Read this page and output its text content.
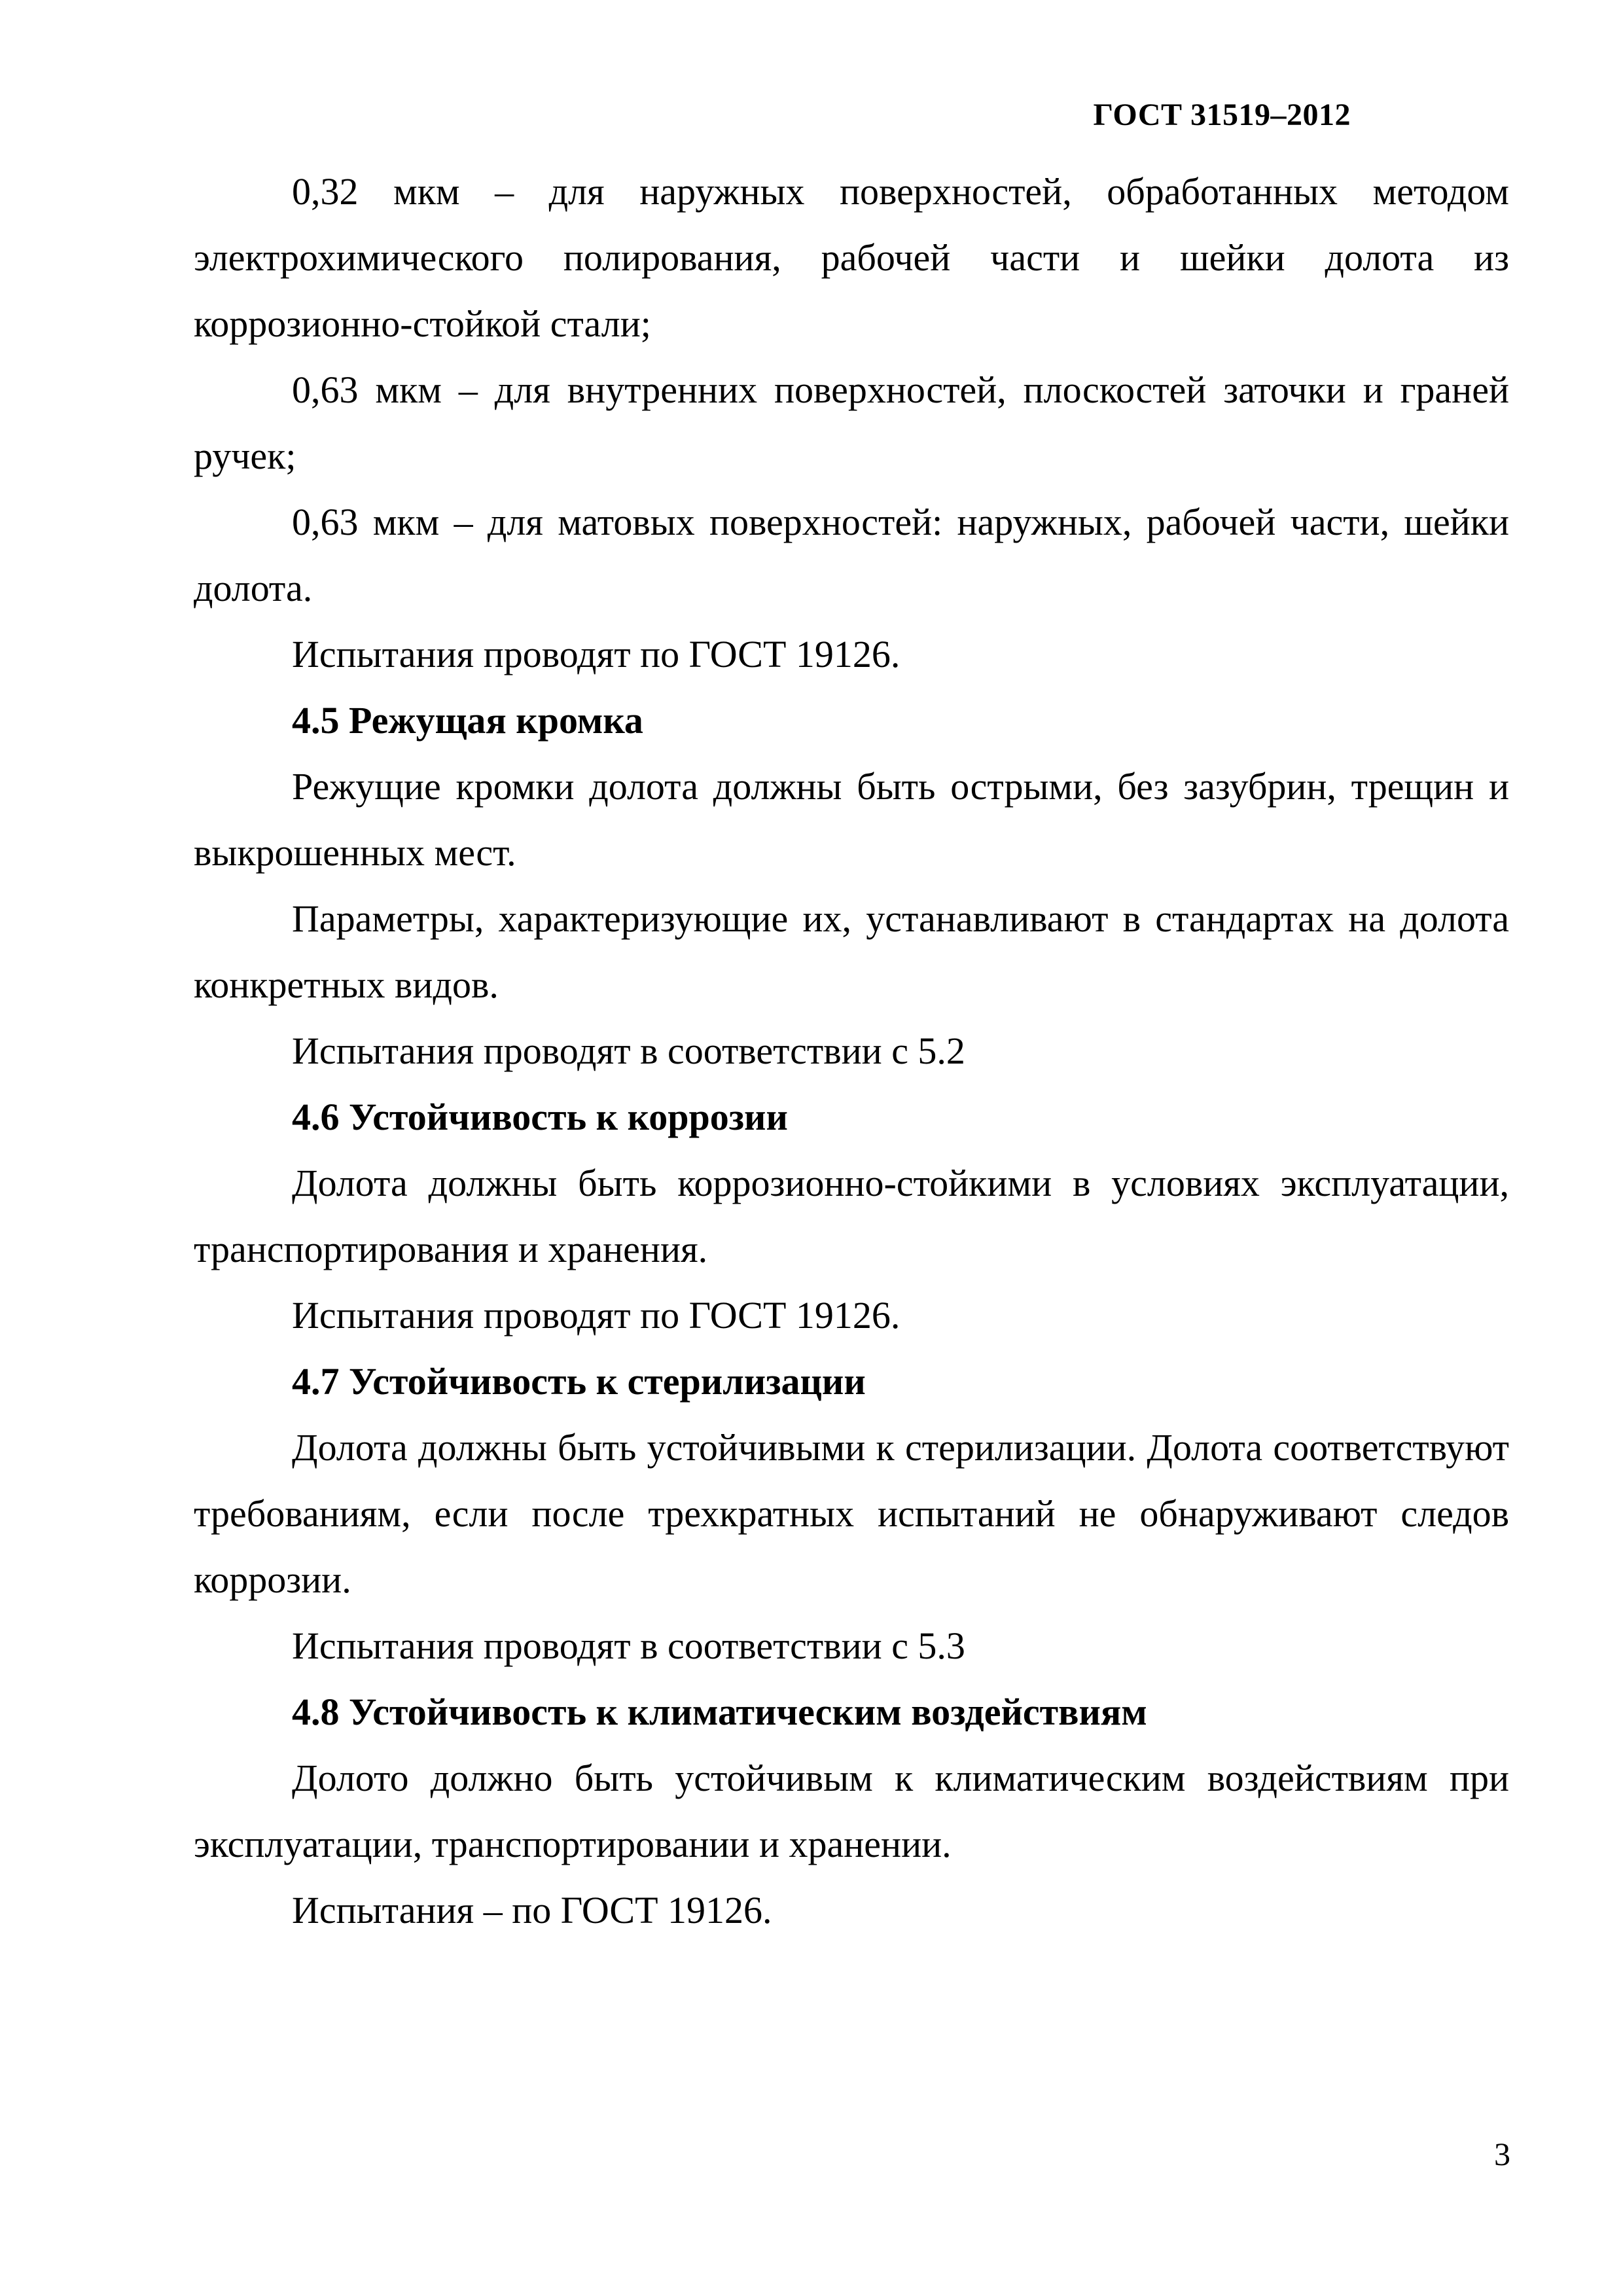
ГОСТ 31519–2012

0,32 мкм – для наружных поверхностей, обработанных методом электрохимического полирования, рабочей части и шейки долота из коррозионно-стойкой стали;

0,63 мкм – для внутренних поверхностей, плоскостей заточки и граней ручек;

0,63 мкм – для матовых поверхностей: наружных, рабочей части, шейки долота.

Испытания проводят по ГОСТ 19126.

4.5 Режущая кромка

Режущие кромки долота должны быть острыми, без зазубрин, трещин и выкрошенных мест.

Параметры, характеризующие их, устанавливают в стандартах на долота конкретных видов.

Испытания проводят в соответствии с 5.2

4.6 Устойчивость к коррозии

Долота должны быть коррозионно-стойкими в условиях эксплуатации, транспортирования и хранения.

Испытания проводят по ГОСТ 19126.

4.7 Устойчивость к стерилизации

Долота должны быть устойчивыми к стерилизации. Долота соответствуют требованиям, если после трехкратных испытаний не обнаруживают следов коррозии.

Испытания проводят в соответствии с 5.3

4.8 Устойчивость к климатическим воздействиям

Долото должно быть устойчивым к климатическим воздействиям при эксплуатации, транспортировании и хранении.

Испытания – по ГОСТ 19126.

3
